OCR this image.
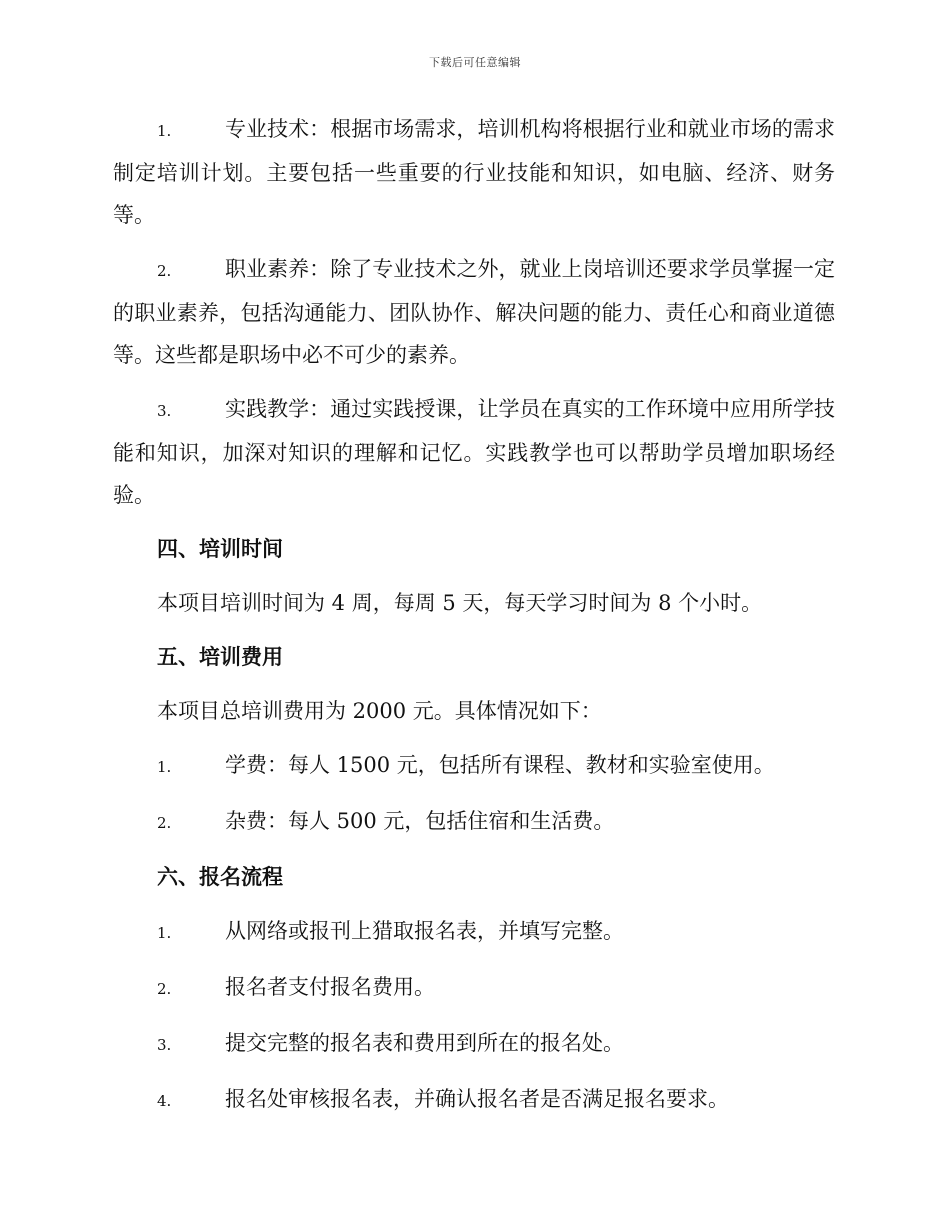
下载后可任意编辑

1.	专业技术：根据市场需求，培训机构将根据行业和就业市场的需求制定培训计划。主要包括一些重要的行业技能和知识，如电脑、经济、财务等。

2.	职业素养：除了专业技术之外，就业上岗培训还要求学员掌握一定的职业素养，包括沟通能力、团队协作、解决问题的能力、责任心和商业道德等。这些都是职场中必不可少的素养。

3.	实践教学：通过实践授课，让学员在真实的工作环境中应用所学技能和知识，加深对知识的理解和记忆。实践教学也可以帮助学员增加职场经验。

四、培训时间

本项目培训时间为 4 周，每周 5 天，每天学习时间为 8 个小时。

五、培训费用

本项目总培训费用为 2000 元。具体情况如下：

1.	学费：每人 1500 元，包括所有课程、教材和实验室使用。

2.	杂费：每人 500 元，包括住宿和生活费。

六、报名流程

1.	从网络或报刊上猎取报名表，并填写完整。

2.	报名者支付报名费用。

3.	提交完整的报名表和费用到所在的报名处。

4.	报名处审核报名表，并确认报名者是否满足报名要求。
